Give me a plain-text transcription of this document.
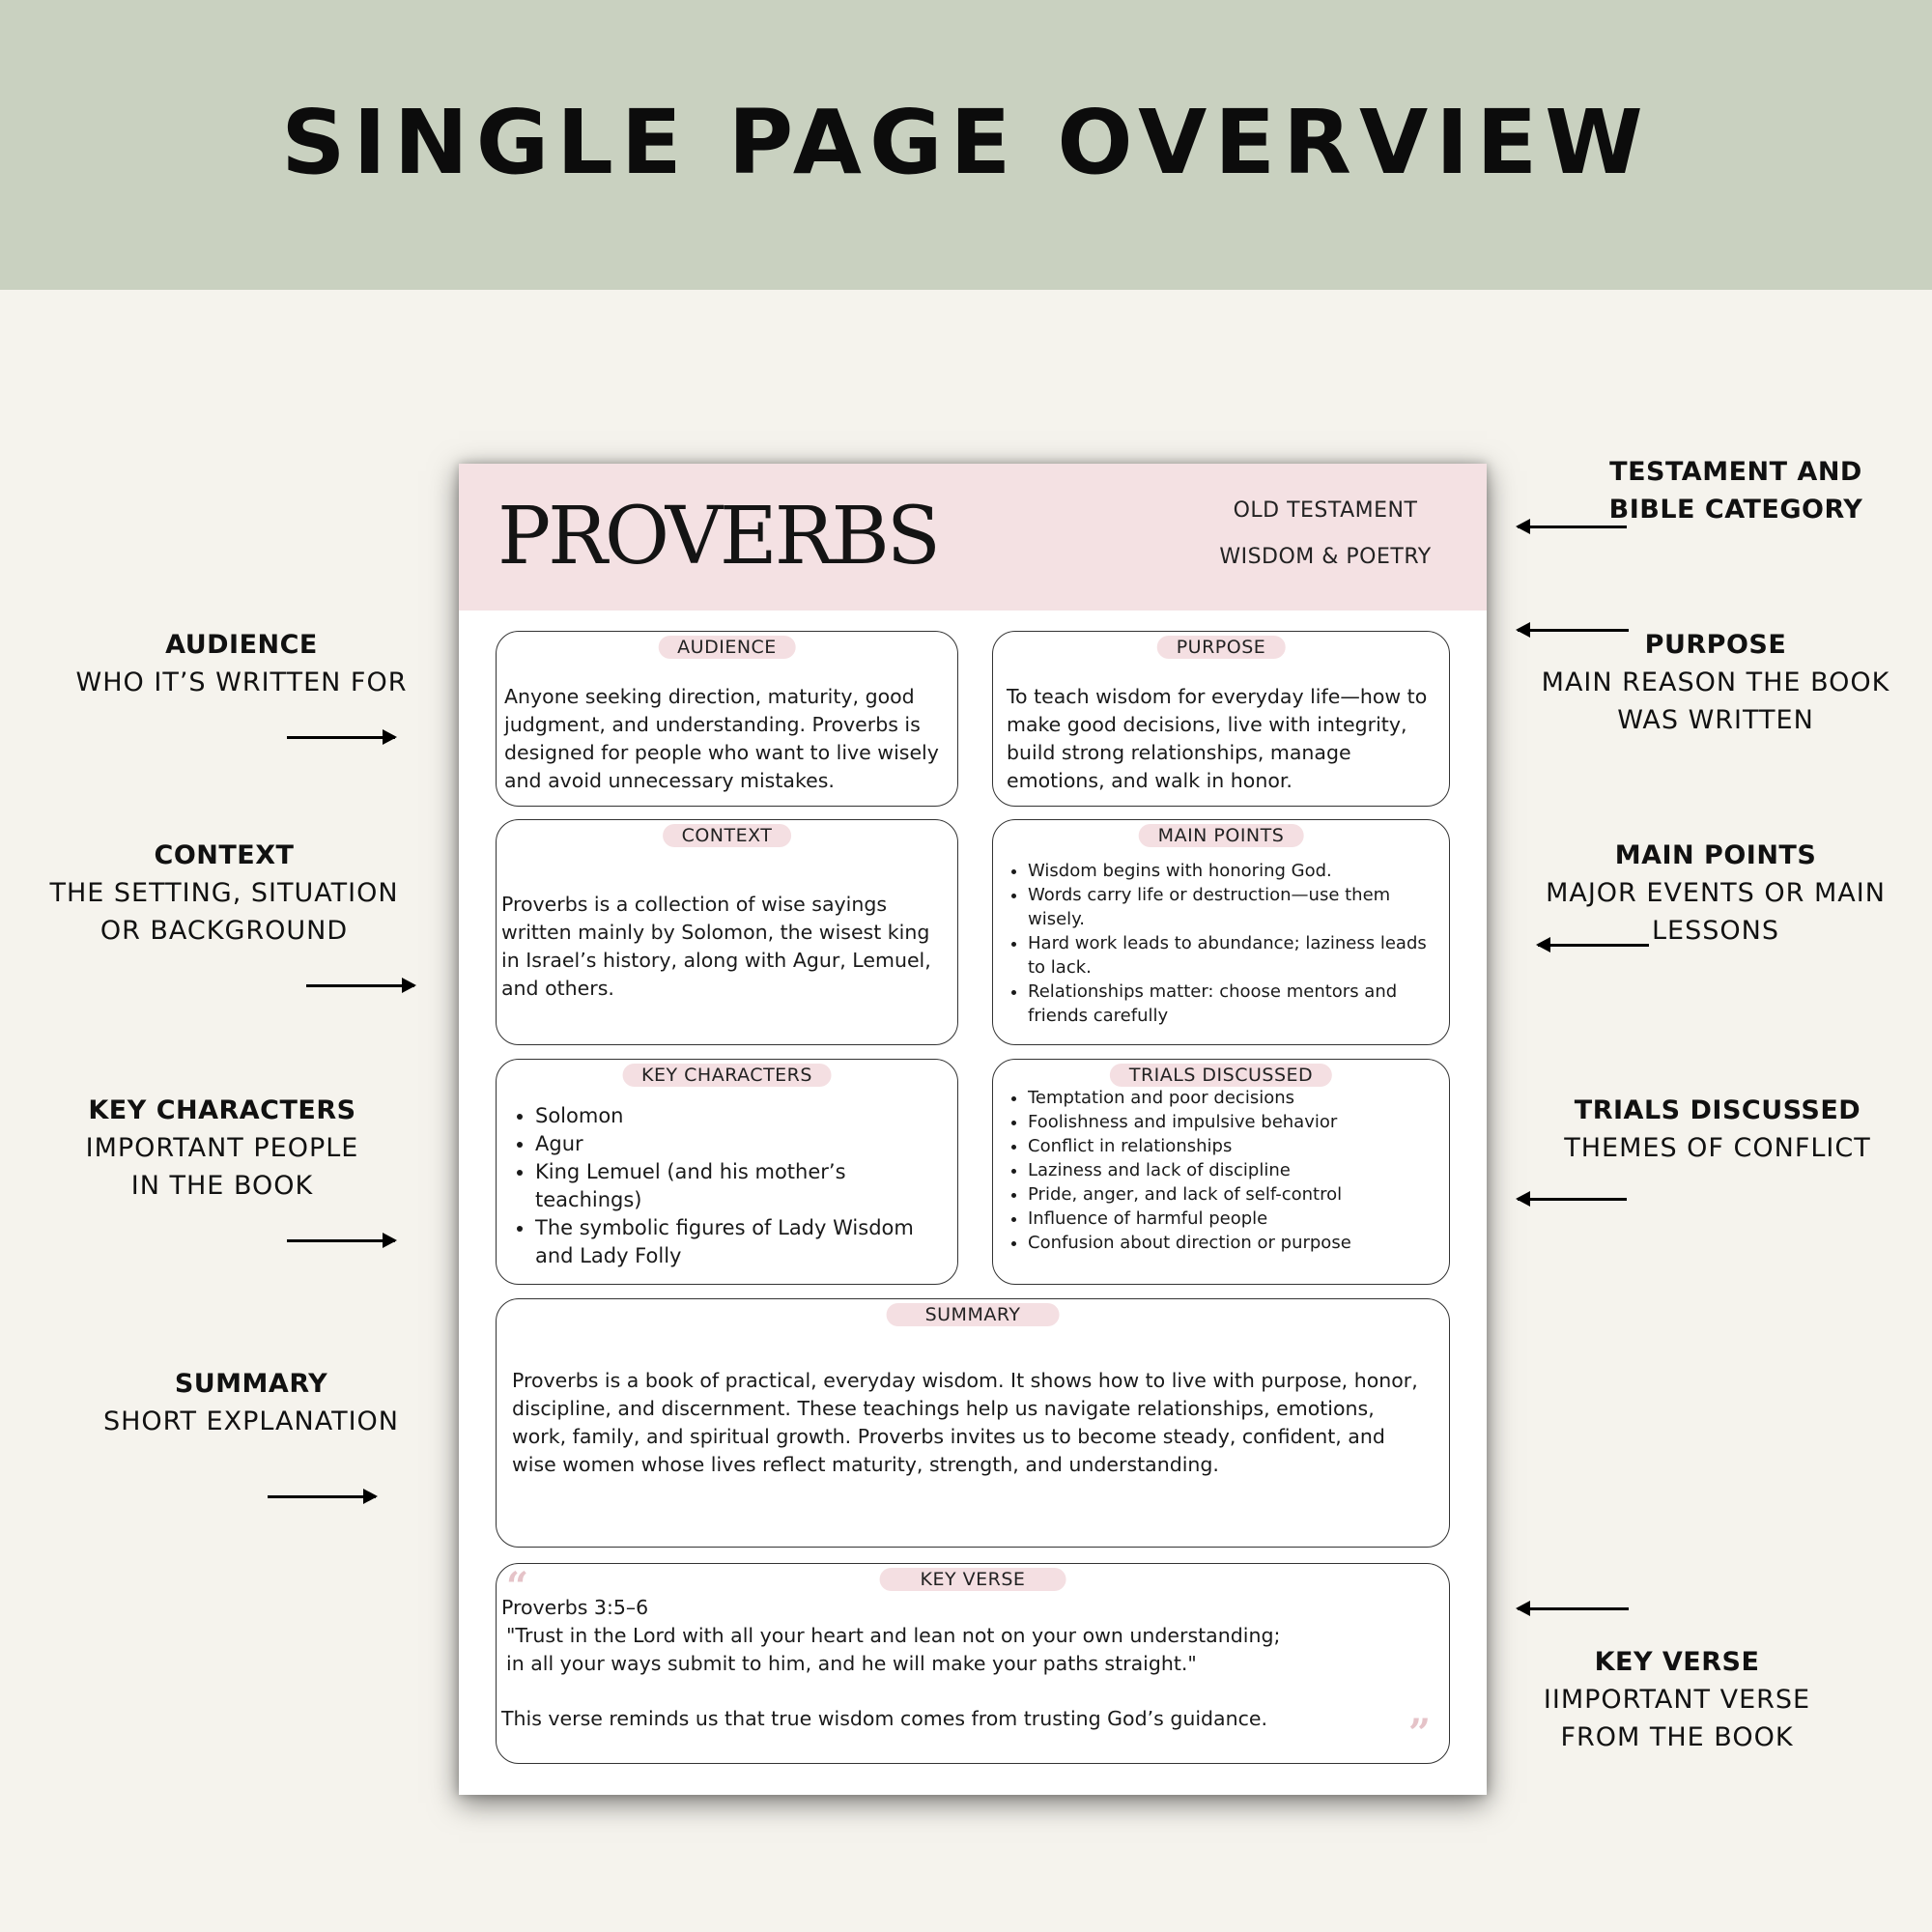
SINGLE PAGE OVERVIEW
AUDIENCE
WHO IT’S WRITTEN FOR
CONTEXT
THE SETTING, SITUATION
OR BACKGROUND
KEY CHARACTERS
IMPORTANT PEOPLE
IN THE BOOK
SUMMARY
SHORT EXPLANATION
TESTAMENT AND
BIBLE CATEGORY
PURPOSE
MAIN REASON THE BOOK
WAS WRITTEN
MAIN POINTS
MAJOR EVENTS OR MAIN
LESSONS
TRIALS DISCUSSED
THEMES OF CONFLICT
KEY VERSE
IIMPORTANT VERSE
FROM THE BOOK
PROVERBS	OLD TESTAMENT
WISDOM & POETRY
AUDIENCE
Anyone seeking direction, maturity, good judgment, and understanding. Proverbs is designed for people who want to live wisely and avoid unnecessary mistakes.
PURPOSE
To teach wisdom for everyday life—how to make good decisions, live with integrity, build strong relationships, manage emotions, and walk in honor.
CONTEXT
Proverbs is a collection of wise sayings written mainly by Solomon, the wisest king in Israel’s history, along with Agur, Lemuel, and others.
MAIN POINTS
• Wisdom begins with honoring God.
• Words carry life or destruction—use them wisely.
• Hard work leads to abundance; laziness leads to lack.
• Relationships matter: choose mentors and friends carefully
KEY CHARACTERS
• Solomon
• Agur
• King Lemuel (and his mother’s teachings)
• The symbolic figures of Lady Wisdom and Lady Folly
TRIALS DISCUSSED
• Temptation and poor decisions
• Foolishness and impulsive behavior
• Conflict in relationships
• Laziness and lack of discipline
• Pride, anger, and lack of self-control
• Influence of harmful people
• Confusion about direction or purpose
SUMMARY
Proverbs is a book of practical, everyday wisdom. It shows how to live with purpose, honor, discipline, and discernment. These teachings help us navigate relationships, emotions, work, family, and spiritual growth. Proverbs invites us to become steady, confident, and wise women whose lives reflect maturity, strength, and understanding.
KEY VERSE
“
Proverbs 3:5–6
"Trust in the Lord with all your heart and lean not on your own understanding;
in all your ways submit to him, and he will make your paths straight."
This verse reminds us that true wisdom comes from trusting God’s guidance.	”
